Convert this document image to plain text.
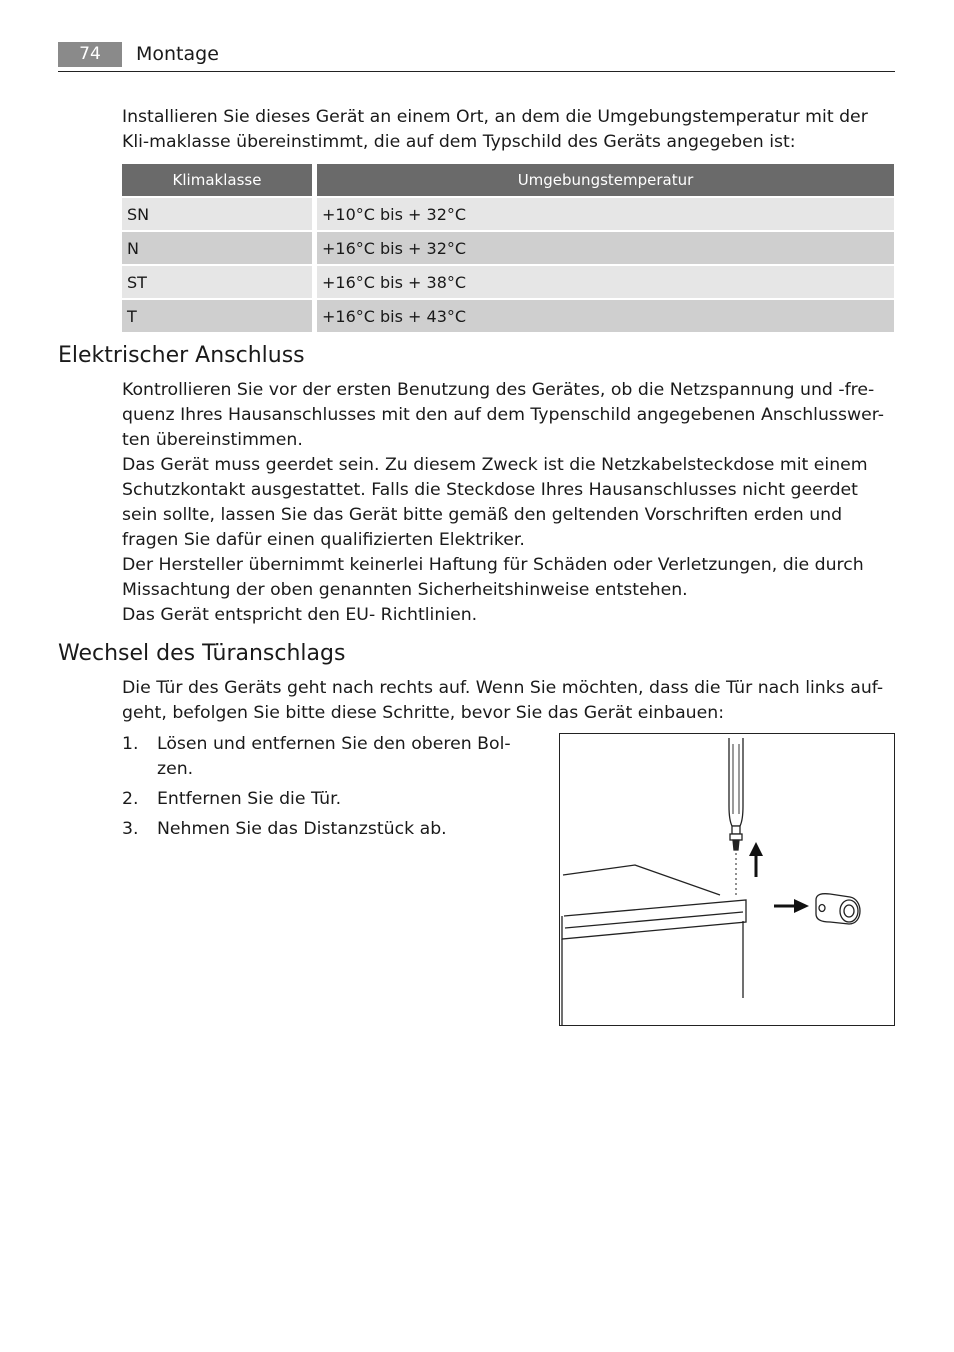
74	Montage
Installieren Sie dieses Gerät an einem Ort, an dem die Umgebungstemperatur mit der Kli-maklasse übereinstimmt, die auf dem Typschild des Geräts angegeben ist:
Klimaklasse	Umgebungstemperatur
SN	+10°C bis + 32°C
N	+16°C bis + 32°C
ST	+16°C bis + 38°C
T	+16°C bis + 43°C
Elektrischer Anschluss
Kontrollieren Sie vor der ersten Benutzung des Gerätes, ob die Netzspannung und -fre-quenz Ihres Hausanschlusses mit den auf dem Typenschild angegebenen Anschlusswer-ten übereinstimmen.
Das Gerät muss geerdet sein. Zu diesem Zweck ist die Netzkabelsteckdose mit einem Schutzkontakt ausgestattet. Falls die Steckdose Ihres Hausanschlusses nicht geerdet sein sollte, lassen Sie das Gerät bitte gemäß den geltenden Vorschriften erden und fragen Sie dafür einen qualifizierten Elektriker.
Der Hersteller übernimmt keinerlei Haftung für Schäden oder Verletzungen, die durch Missachtung der oben genannten Sicherheitshinweise entstehen.
Das Gerät entspricht den EU- Richtlinien.
Wechsel des Türanschlags
Die Tür des Geräts geht nach rechts auf. Wenn Sie möchten, dass die Tür nach links auf-geht, befolgen Sie bitte diese Schritte, bevor Sie das Gerät einbauen:
1. Lösen und entfernen Sie den oberen Bol-zen.
2. Entfernen Sie die Tür.
3. Nehmen Sie das Distanzstück ab.
